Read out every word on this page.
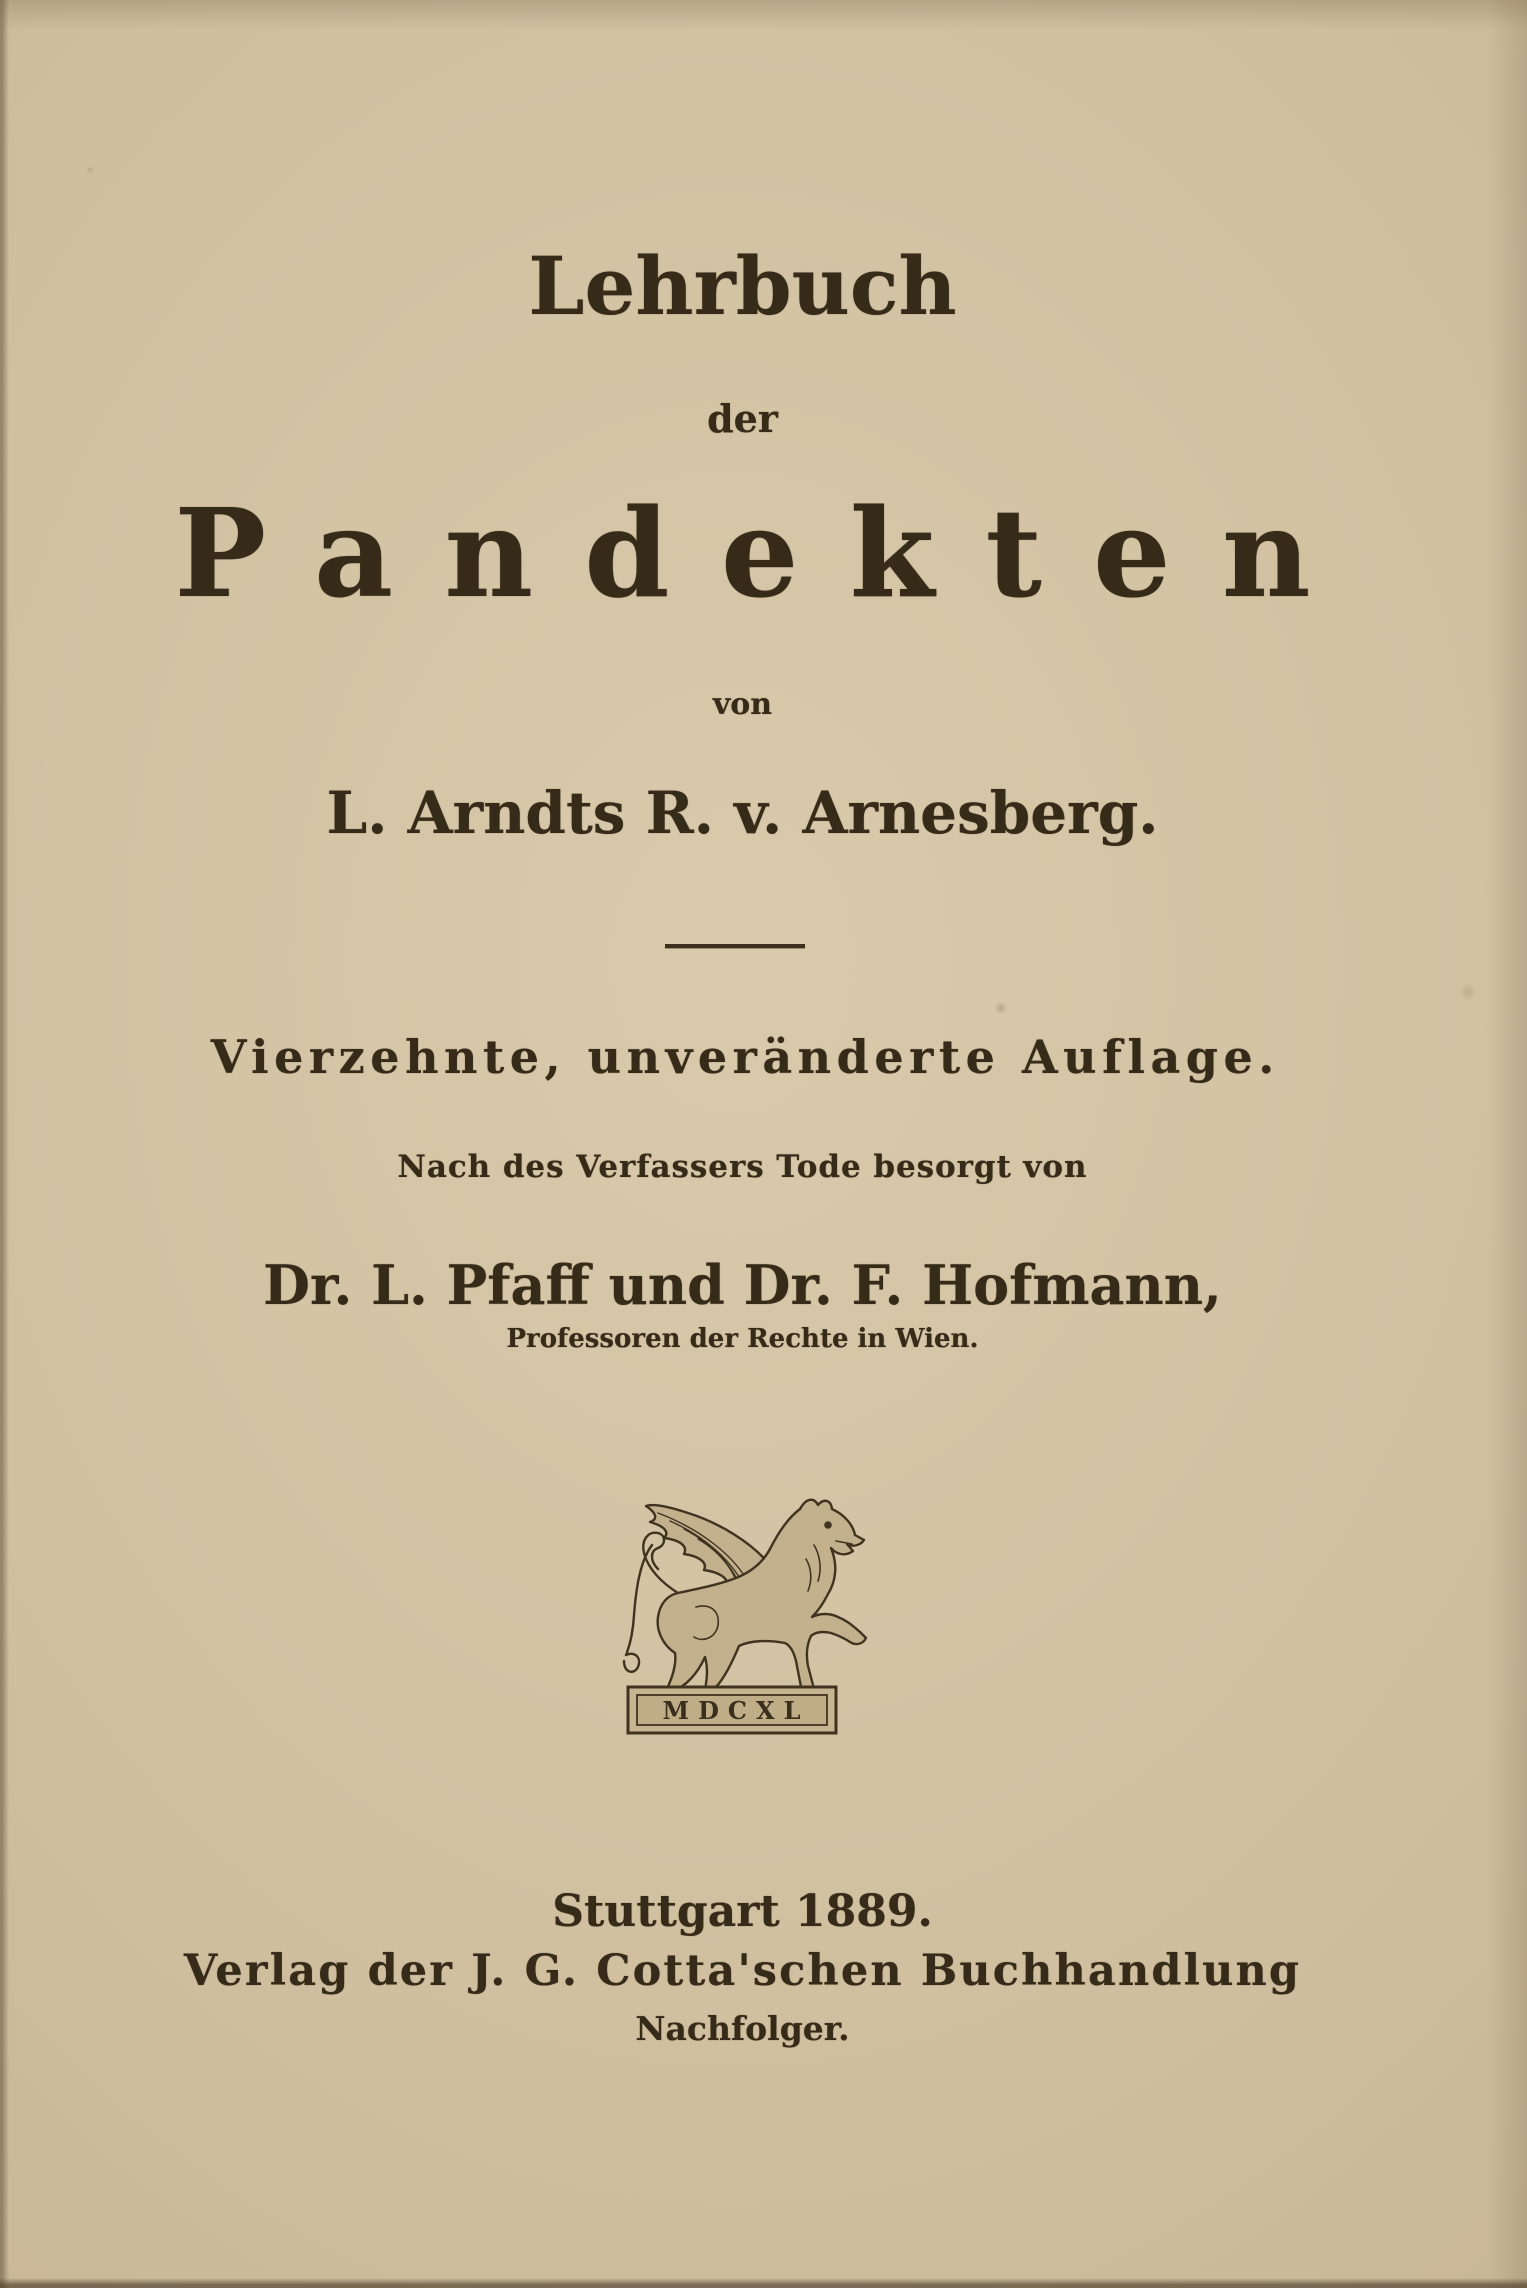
Lehrbuch
der
Pandekten
von
L. Arndts R. v. Arnesberg.
Vierzehnte, unveränderte Auflage.
Nach des Verfassers Tode besorgt von
Dr. L. Pfaff und Dr. F. Hofmann,
Professoren der Rechte in Wien.
MDCXL
Stuttgart 1889.
Verlag der J. G. Cotta'schen Buchhandlung
Nachfolger.
